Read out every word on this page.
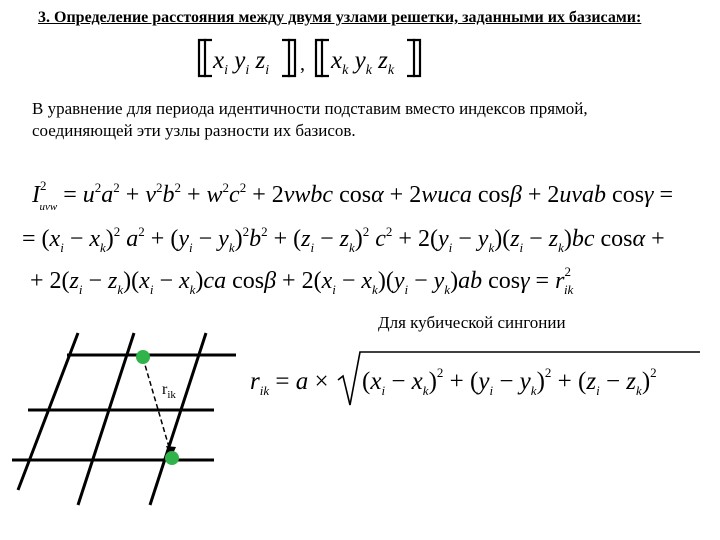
3. Определение расстояния между двумя узлами решетки, заданными их базисами:
В уравнение для периода идентичности подставим вместо индексов прямой, соединяющей эти узлы разности их базисов.
Для кубической сингонии
$x_i$ $y_i$ $z_i$ , $x_k$ $y_k$ $z_k$
$I^2$ uvw = $u^2a^2 + v^2b^2 + w^2c^2$ + 2vwbc cosα + 2wuca cosβ + 2uvab cosγ =
= $(x_i - x_k)^2$ $a^2 + (y_i - y_k)^2b^2 + (z_i - z_k)^2$ $c^2 + 2(y_i - y_k)(z_i - z_k)bc$ cosα +
+ $2(z_i - z_k)(x_i - x_k)ca$ $\cos\beta + 2(x_i - x_k)(y_i - y_k)ab$ $\cos\gamma = r^2$ ik
$r_{ik} = a \times (x_i - x_k)^2 + (y_i - y_k)^2 + (z_i - z_k)^2$
$r_{ik}$
